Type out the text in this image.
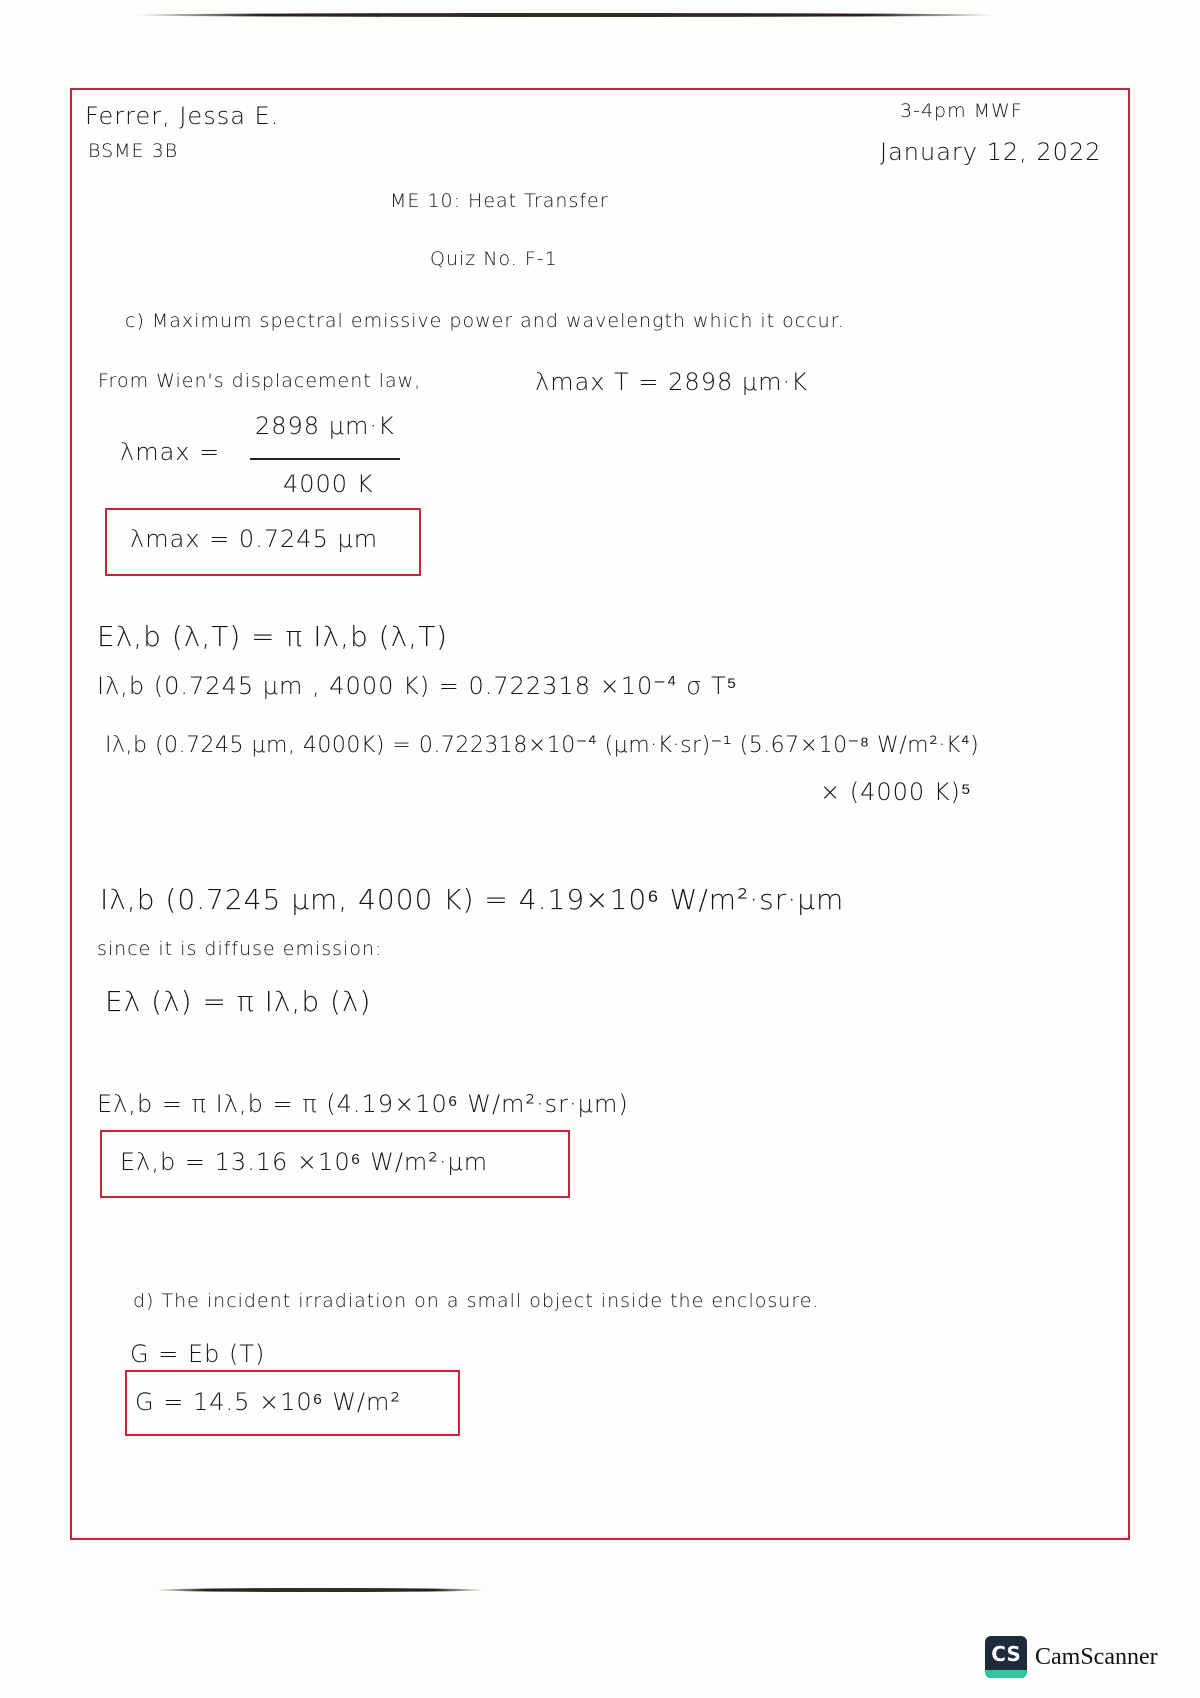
Ferrer, Jessa E.
BSME 3B
3-4pm MWF
January 12, 2022
ME 10: Heat Transfer
Quiz No. F-1
c) Maximum spectral emissive power and wavelength which it occur.
From Wien's displacement law,	λmax T = 2898 μm·K
λmax =
2898 μm·K
4000 K
λmax = 0.7245 μm
Eλ,b (λ,T) = π Iλ,b (λ,T)
Iλ,b (0.7245 μm , 4000 K) = 0.722318 ×10⁻⁴ σ T⁵
Iλ,b (0.7245 μm, 4000K) = 0.722318×10⁻⁴ (μm·K·sr)⁻¹ (5.67×10⁻⁸ W/m²·K⁴)
× (4000 K)⁵
Iλ,b (0.7245 μm, 4000 K) = 4.19×10⁶ W/m²·sr·μm
since it is diffuse emission:
Eλ (λ) = π Iλ,b (λ)
Eλ,b = π Iλ,b = π (4.19×10⁶ W/m²·sr·μm)
Eλ,b = 13.16 ×10⁶ W/m²·μm
d) The incident irradiation on a small object inside the enclosure.
G = Eb (T)
G = 14.5 ×10⁶ W/m²
CS CamScanner
